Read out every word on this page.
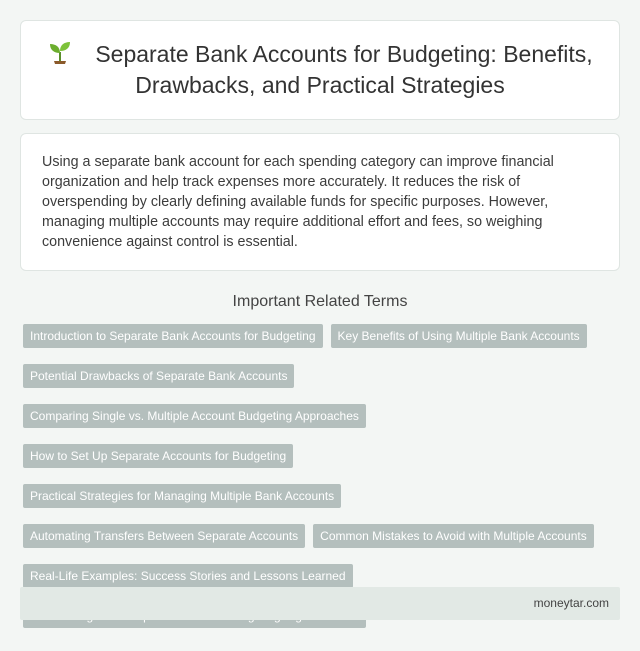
Separate Bank Accounts for Budgeting: Benefits, Drawbacks, and Practical Strategies

Using a separate bank account for each spending category can improve financial organization and help track expenses more accurately. It reduces the risk of overspending by clearly defining available funds for specific purposes. However, managing multiple accounts may require additional effort and fees, so weighing convenience against control is essential.

Important Related Terms
Introduction to Separate Bank Accounts for Budgeting	Key Benefits of Using Multiple Bank Accounts
Potential Drawbacks of Separate Bank Accounts
Comparing Single vs. Multiple Account Budgeting Approaches
How to Set Up Separate Accounts for Budgeting
Practical Strategies for Managing Multiple Bank Accounts
Automating Transfers Between Separate Accounts	Common Mistakes to Avoid with Multiple Accounts
Real-Life Examples: Success Stories and Lessons Learned
moneytar.com
